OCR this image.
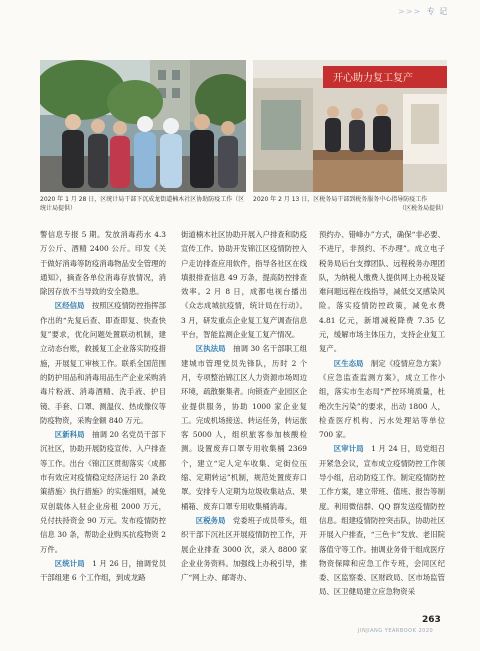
>>> 专 记
开心助力复工复产
2020 年 1 月 28 日，区统计局干部下沉成龙街道楠木社区协助防疫工作（区统计局提供）
2020 年 2 月 13 日，区税务局干部到税务服务中心指导防疫工作
（区税务局提供）

警信息专报 5 期。发放消毒药水 4.3 万公斤、酒精 2400 公斤。印发《关于做好消毒等防疫消毒物品安全管理的通知》，摘查各单位消毒存放情况，消除因存放不当导致的安全隐患。

区经信局　 按照区疫情防控指挥部作出的“先复后查、即查即复、快查快复”要求，优化问题处置联动机制，建立动态台账，救援复工企业落实防疫措施，开展复工审核工作。联系全国范围的防护用品和消毒用品生产企业采购消毒片粉液、消毒酒精、洗手液、护目镜、手套、口罩、测温仪、热成像仪等防疫物资，采购金额 840 万元。

区新科局　 抽调 20 名党员干部下沉社区，协助开展防疫宣传、入户排查等工作。出台《锦江区贯彻落实〈成都市有效应对疫情稳定经济运行 20 条政策措施〉执行措施》的实施细则，减免双创载体入驻企业房租 2000 万元，兑付扶持资金 90 万元。发布疫情防控信息 30 条，帮助企业购买抗疫物资 2 万件。

区统计局　 1 月 26 日，抽调党员干部组建 6 个工作组，到成龙路

街道楠木社区协助开展入户排查和防疫宣传工作。协助开发锦江区疫情防控入户走访排查应用软件，指导各社区在线填报排查信息 49 万条，提高防控排查效率。2 月 8 日，成都电视台播出《众志成城抗疫情，统计局在行动》。3 月，研发重点企业复工复产调查信息平台，智能监测企业复工复产情况。

区执法局　 抽调 30 名干部职工组建城市管理党员先锋队，历时 2 个月，专项整治锦江区人力资源市场周边环境，疏散聚集者。向锁查产业园区企业提供服务，协助 1000 家企业复工。完成机场接送、转运任务，转运旅客 5000 人，组织旅客参加核酸检测。设置废弃口罩专用收集桶 2369 个，建立“定人定车收集、定街位压缩、定期转运”机制，规范处置废弃口罩。安排专人定期为垃圾收集站点、果桶箱、废弃口罩专用收集桶消毒。

区税务局　 党委班子成员带头，组织干部下沉社区开展疫情防控工作，开展企业排查 3000 次，录入 8800 家企业业务资料。加强线上办税引导，推广“网上办、邮寄办、

预约办、错峰办”方式，确保“非必要、不进厅，非预约、不办理”。成立电子税务局后台支撑团队、远程税务办理团队，为纳税人缴费人提供网上办税及疑难问题远程在线指导，减低交叉感染风险。落实疫情防控政策，减免水费 4.81 亿元，新增减税降费 7.35 亿元，缓解市场主体压力，支持企业复工复产。

区生态局　 制定《疫情应急方案》《应急监查监测方案》，成立工作小组，落实市生态局“严控环境质量，杜绝次生污染”的要求，出动 1800 人，检查医疗机构、污水处理站等单位 700 家。

区审计局　 1 月 24 日，局党组召开紧急会议，宣布成立疫情防控工作领导小组，启动防疫工作。制定疫情防控工作方案，建立带班、值班、报告等制度。利用微信群、QQ 群发送疫情防控信息。组建疫情防控突击队，协助社区开展入户排查，“三色卡”发放、老旧院落值守等工作。抽调业务骨干组成医疗物资保障和应急工作专班，会同区纪委、区监察委、区财政局、区市场监管局、区卫健局建立应急物资采

263
JINJIANG YEARBOOK 2020
